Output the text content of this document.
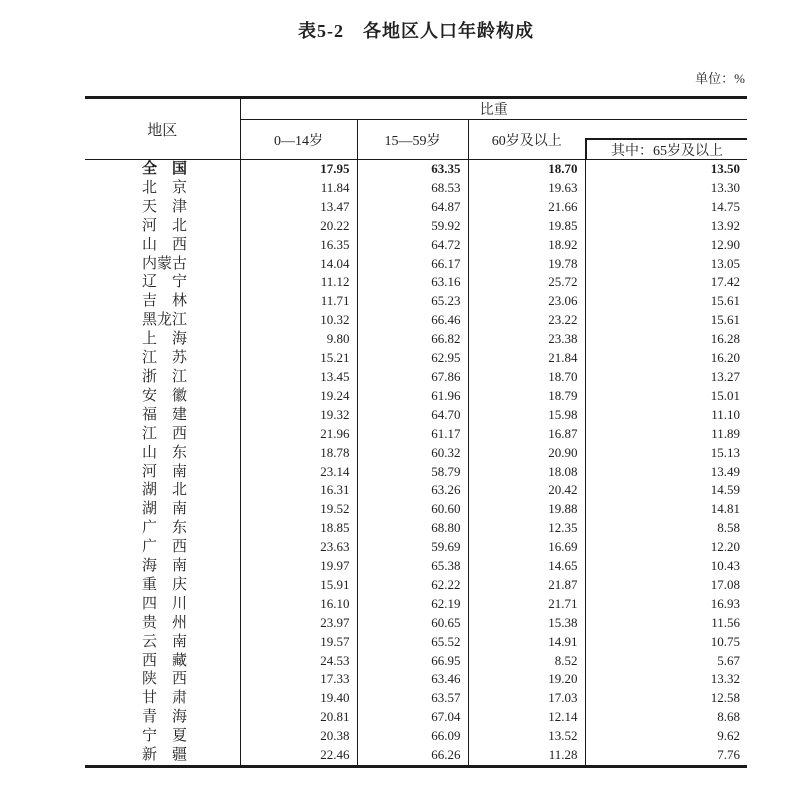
表5-2　各地区人口年龄构成
单位：%
地区	比重			
	0—14岁	15—59岁	60岁及以上	其中：65岁及以上

全　国	17.95	63.35	18.70	13.50
北　京	11.84	68.53	19.63	13.30
天　津	13.47	64.87	21.66	14.75
河　北	20.22	59.92	19.85	13.92
山　西	16.35	64.72	18.92	12.90
内蒙古	14.04	66.17	19.78	13.05
辽　宁	11.12	63.16	25.72	17.42
吉　林	11.71	65.23	23.06	15.61
黑龙江	10.32	66.46	23.22	15.61
上　海	9.80	66.82	23.38	16.28
江　苏	15.21	62.95	21.84	16.20
浙　江	13.45	67.86	18.70	13.27
安　徽	19.24	61.96	18.79	15.01
福　建	19.32	64.70	15.98	11.10
江　西	21.96	61.17	16.87	11.89
山　东	18.78	60.32	20.90	15.13
河　南	23.14	58.79	18.08	13.49
湖　北	16.31	63.26	20.42	14.59
湖　南	19.52	60.60	19.88	14.81
广　东	18.85	68.80	12.35	8.58
广　西	23.63	59.69	16.69	12.20
海　南	19.97	65.38	14.65	10.43
重　庆	15.91	62.22	21.87	17.08
四　川	16.10	62.19	21.71	16.93
贵　州	23.97	60.65	15.38	11.56
云　南	19.57	65.52	14.91	10.75
西　藏	24.53	66.95	8.52	5.67
陕　西	17.33	63.46	19.20	13.32
甘　肃	19.40	63.57	17.03	12.58
青　海	20.81	67.04	12.14	8.68
宁　夏	20.38	66.09	13.52	9.62
新　疆	22.46	66.26	11.28	7.76
